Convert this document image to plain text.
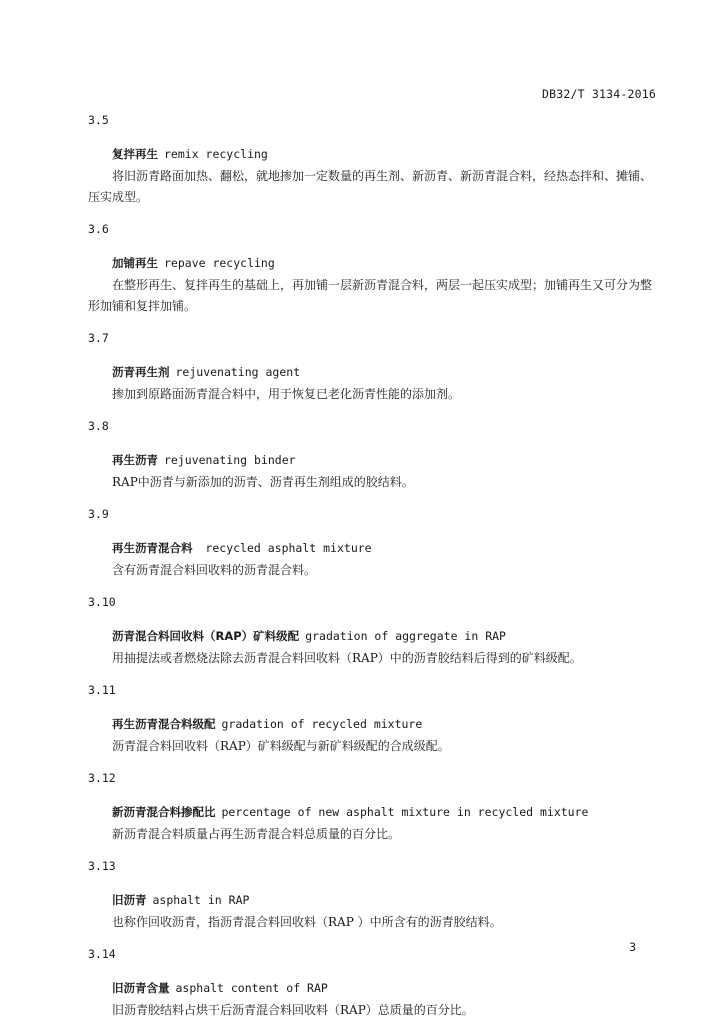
DB32/T 3134-2016
3.5
复拌再生 remix recycling
将旧沥青路面加热、翻松，就地掺加一定数量的再生剂、新沥青、新沥青混合料，经热态拌和、摊铺、压实成型。
3.6
加铺再生 repave recycling
在整形再生、复拌再生的基础上，再加铺一层新沥青混合料，两层一起压实成型；加铺再生又可分为整形加铺和复拌加铺。
3.7
沥青再生剂 rejuvenating agent
掺加到原路面沥青混合料中，用于恢复已老化沥青性能的添加剂。
3.8
再生沥青 rejuvenating binder
RAP中沥青与新添加的沥青、沥青再生剂组成的胶结料。
3.9
再生沥青混合料 recycled asphalt mixture
含有沥青混合料回收料的沥青混合料。
3.10
沥青混合料回收料（RAP）矿料级配 gradation of aggregate in RAP
用抽提法或者燃烧法除去沥青混合料回收料（RAP）中的沥青胶结料后得到的矿料级配。
3.11
再生沥青混合料级配 gradation of recycled mixture
沥青混合料回收料（RAP）矿料级配与新矿料级配的合成级配。
3.12
新沥青混合料掺配比 percentage of new asphalt mixture in recycled mixture
新沥青混合料质量占再生沥青混合料总质量的百分比。
3.13
旧沥青 asphalt in RAP
也称作回收沥青，指沥青混合料回收料（RAP ）中所含有的沥青胶结料。
3.14
旧沥青含量 asphalt content of RAP
旧沥青胶结料占烘干后沥青混合料回收料（RAP）总质量的百分比。
3
